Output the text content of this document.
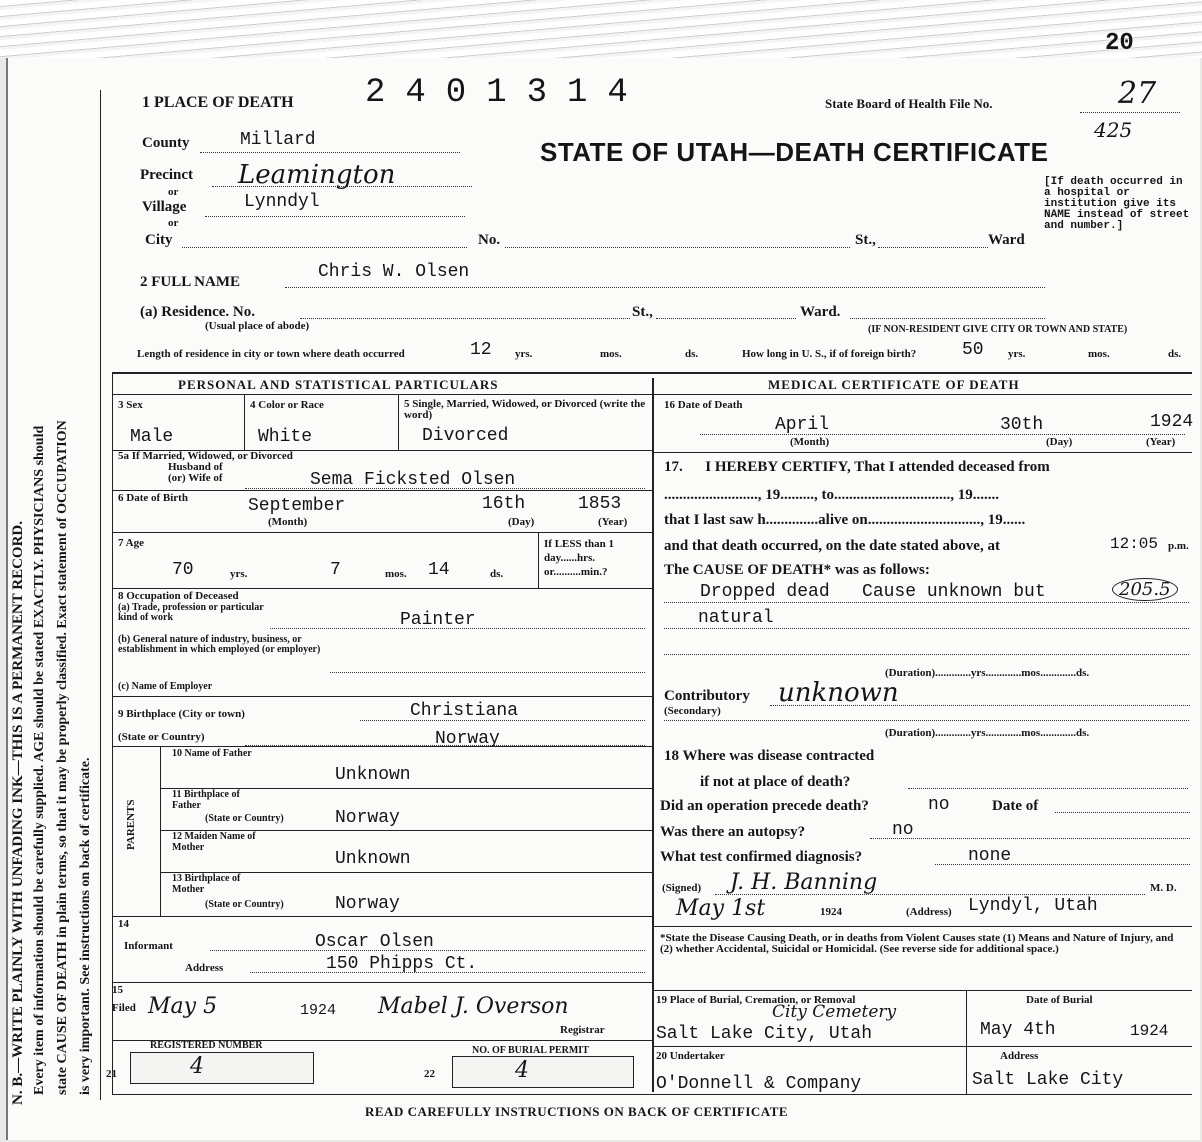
20
N. B.—WRITE PLAINLY WITH UNFADING INK—THIS IS A PERMANENT RECORD. Every item of information should be carefully supplied. AGE should be stated EXACTLY. PHYSICIANS should state CAUSE OF DEATH in plain terms, so that it may be properly classified. Exact statement of OCCUPATION is very important. See instructions on back of certificate.
1 PLACE OF DEATH 2401314	State Board of Health File No.	27
425
STATE OF UTAH—DEATH CERTIFICATE
County	Millard
Precinct Leamington
or
Village	Lynndyl
or
City	No.	St.,	Ward
[If death occurred in a hospital or institution give its NAME instead of street and number.]
2 FULL NAME	Chris W. Olsen
(a) Residence. No.	St.,	Ward.
(Usual place of abode)	(IF NON-RESIDENT GIVE CITY OR TOWN AND STATE)
Length of residence in city or town where death occurred	12 yrs.	mos.	ds.	How long in U. S., if of foreign birth?	50 yrs.	mos.	ds.
PERSONAL AND STATISTICAL PARTICULARS
3 Sex
Male
4 Color or Race
White
5 Single, Married, Widowed, or Divorced (write the word)
Divorced
5a If Married, Widowed, or Divorced
Husband of
(or) Wife of	Sema Ficksted Olsen
6 Date of Birth	September	16th	1853
(Month)	(Day)	(Year)
7 Age
70	yrs.	7	mos. 14	ds.
If LESS than 1 day......hrs. or..........min.?
8 Occupation of Deceased
(a) Trade, profession or particular kind of work	Painter
(b) General nature of industry, business, or establishment in which employed (or employer)
(c) Name of Employer
9 Birthplace (City or town)	Christiana
(State or Country)	Norway
PARENTS
10 Name of Father
Unknown
11 Birthplace of Father
(State or Country)	Norway
12 Maiden Name of Mother
Unknown
13 Birthplace of Mother
(State or Country)	Norway
14
Informant	Oscar Olsen
Address	150 Phipps Ct.
15
Filed May 5	1924 Mabel J. Overson
Registrar
REGISTERED NUMBER
21	4
NO. OF BURIAL PERMIT
22	4
MEDICAL CERTIFICATE OF DEATH
16 Date of Death
April	30th	1924
(Month)	(Day)	(Year)
17.      I HEREBY CERTIFY, That I attended deceased from
........................., 19........., to..............................., 19.......
that I last saw h..............alive on.............................., 19......
and that death occurred, on the date stated above, at	12:05 p.m.
The CAUSE OF DEATH* was as follows:
Dropped dead   Cause unknown but	205.5
natural
(Duration).............yrs.............mos.............ds.
Contributory
(Secondary)
unknown
(Duration).............yrs.............mos.............ds.
18 Where was disease contracted
if not at place of death?
Did an operation precede death?	no	Date of
Was there an autopsy?	no
What test confirmed diagnosis?	none
(Signed) J. H. Banning	M. D.
May 1st	1924	(Address) Lyndyl, Utah
*State the Disease Causing Death, or in deaths from Violent Causes state (1) Means and Nature of Injury, and (2) whether Accidental, Suicidal or Homicidal. (See reverse side for additional space.)
19 Place of Burial, Cremation, or Removal
City Cemetery
Salt Lake City, Utah
Date of Burial
May 4th	1924
20 Undertaker
O'Donnell & Company
Address
Salt Lake City
READ CAREFULLY INSTRUCTIONS ON BACK OF CERTIFICATE
